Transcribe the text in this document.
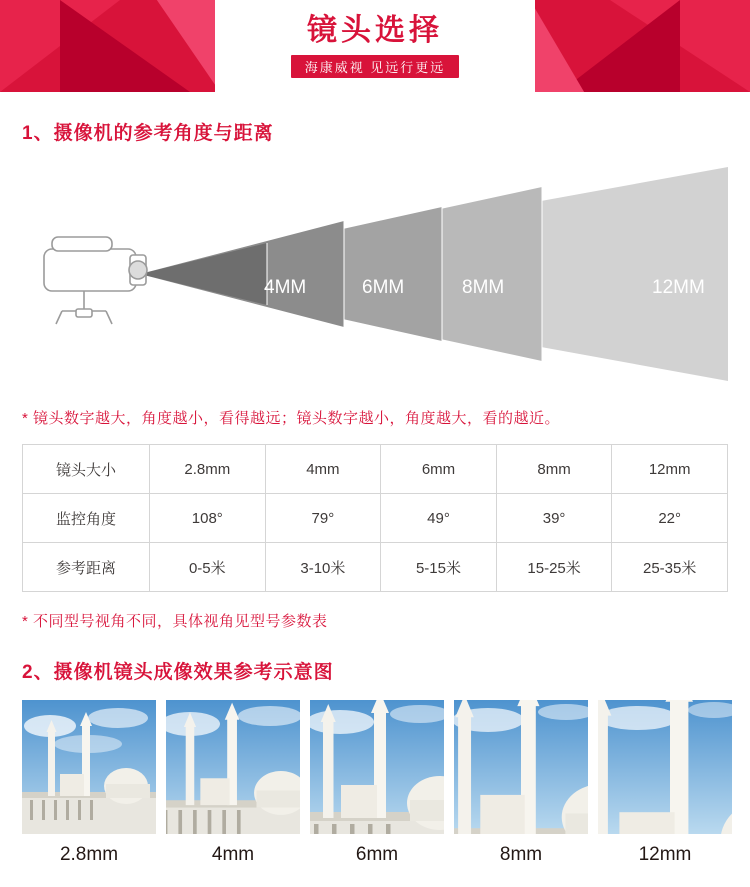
镜头选择
海康威视 见远行更远
1、摄像机的参考角度与距离
4MM	6MM	8MM	12MM
* 镜头数字越大，角度越小，看得越远；镜头数字越小，角度越大，看的越近。
镜头大小	2.8mm	4mm	6mm	8mm	12mm
监控角度	108°	79°	49°	39°	22°
参考距离	0-5米	3-10米	5-15米	15-25米	25-35米
* 不同型号视角不同，具体视角见型号参数表
2、摄像机镜头成像效果参考示意图
2.8mm	4mm	6mm	8mm	12mm
